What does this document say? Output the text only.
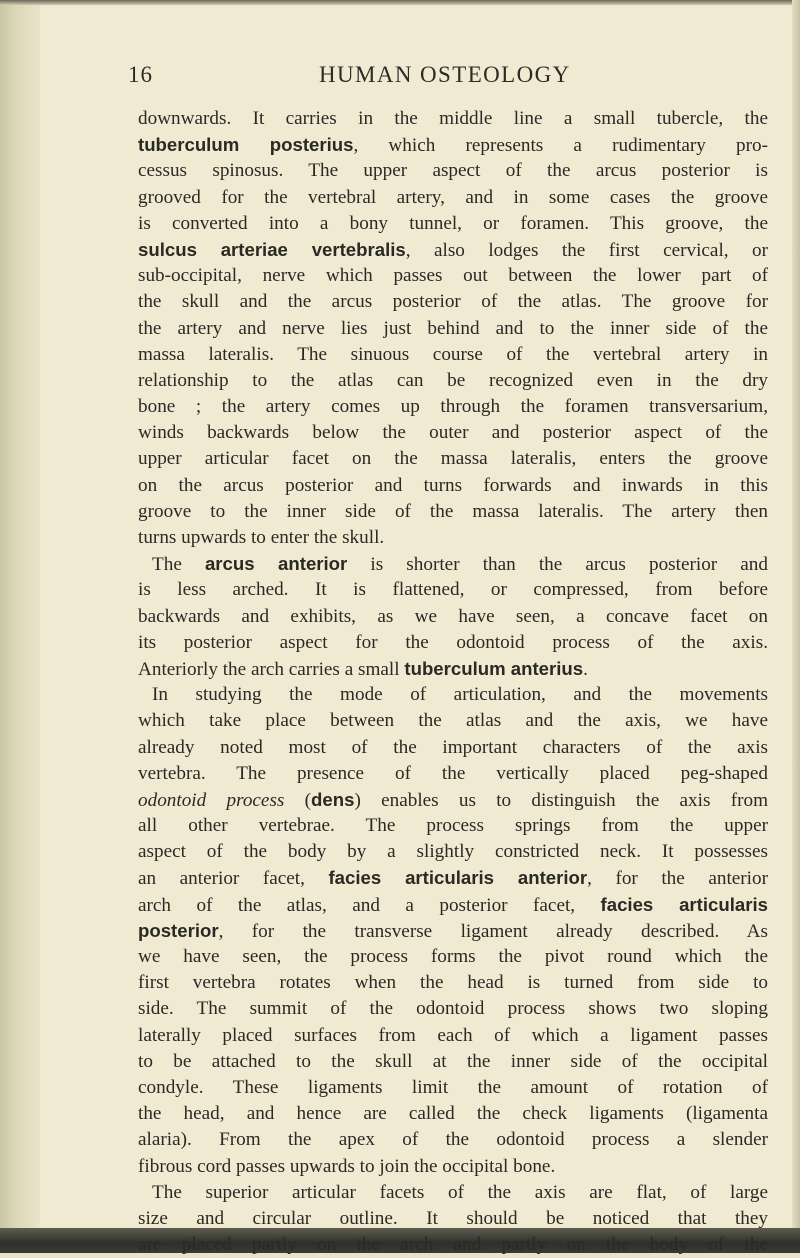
16	HUMAN OSTEOLOGY
downwards. It carries in the middle line a small tubercle, the
tuberculum posterius, which represents a rudimentary pro-
cessus spinosus. The upper aspect of the arcus posterior is
grooved for the vertebral artery, and in some cases the groove
is converted into a bony tunnel, or foramen. This groove, the
sulcus arteriae vertebralis, also lodges the first cervical, or
sub-occipital, nerve which passes out between the lower part of
the skull and the arcus posterior of the atlas. The groove for
the artery and nerve lies just behind and to the inner side of the
massa lateralis. The sinuous course of the vertebral artery in
relationship to the atlas can be recognized even in the dry
bone ; the artery comes up through the foramen transversarium,
winds backwards below the outer and posterior aspect of the
upper articular facet on the massa lateralis, enters the groove
on the arcus posterior and turns forwards and inwards in this
groove to the inner side of the massa lateralis. The artery then
turns upwards to enter the skull.
The arcus anterior is shorter than the arcus posterior and
is less arched. It is flattened, or compressed, from before
backwards and exhibits, as we have seen, a concave facet on
its posterior aspect for the odontoid process of the axis.
Anteriorly the arch carries a small tuberculum anterius.
In studying the mode of articulation, and the movements
which take place between the atlas and the axis, we have
already noted most of the important characters of the axis
vertebra. The presence of the vertically placed peg-shaped
odontoid process (dens) enables us to distinguish the axis from
all other vertebrae. The process springs from the upper
aspect of the body by a slightly constricted neck. It possesses
an anterior facet, facies articularis anterior, for the anterior
arch of the atlas, and a posterior facet, facies articularis
posterior, for the transverse ligament already described. As
we have seen, the process forms the pivot round which the
first vertebra rotates when the head is turned from side to
side. The summit of the odontoid process shows two sloping
laterally placed surfaces from each of which a ligament passes
to be attached to the skull at the inner side of the occipital
condyle. These ligaments limit the amount of rotation of
the head, and hence are called the check ligaments (ligamenta
alaria). From the apex of the odontoid process a slender
fibrous cord passes upwards to join the occipital bone.
The superior articular facets of the axis are flat, of large
size and circular outline. It should be noticed that they
are placed partly on the arch and partly on the body of the
